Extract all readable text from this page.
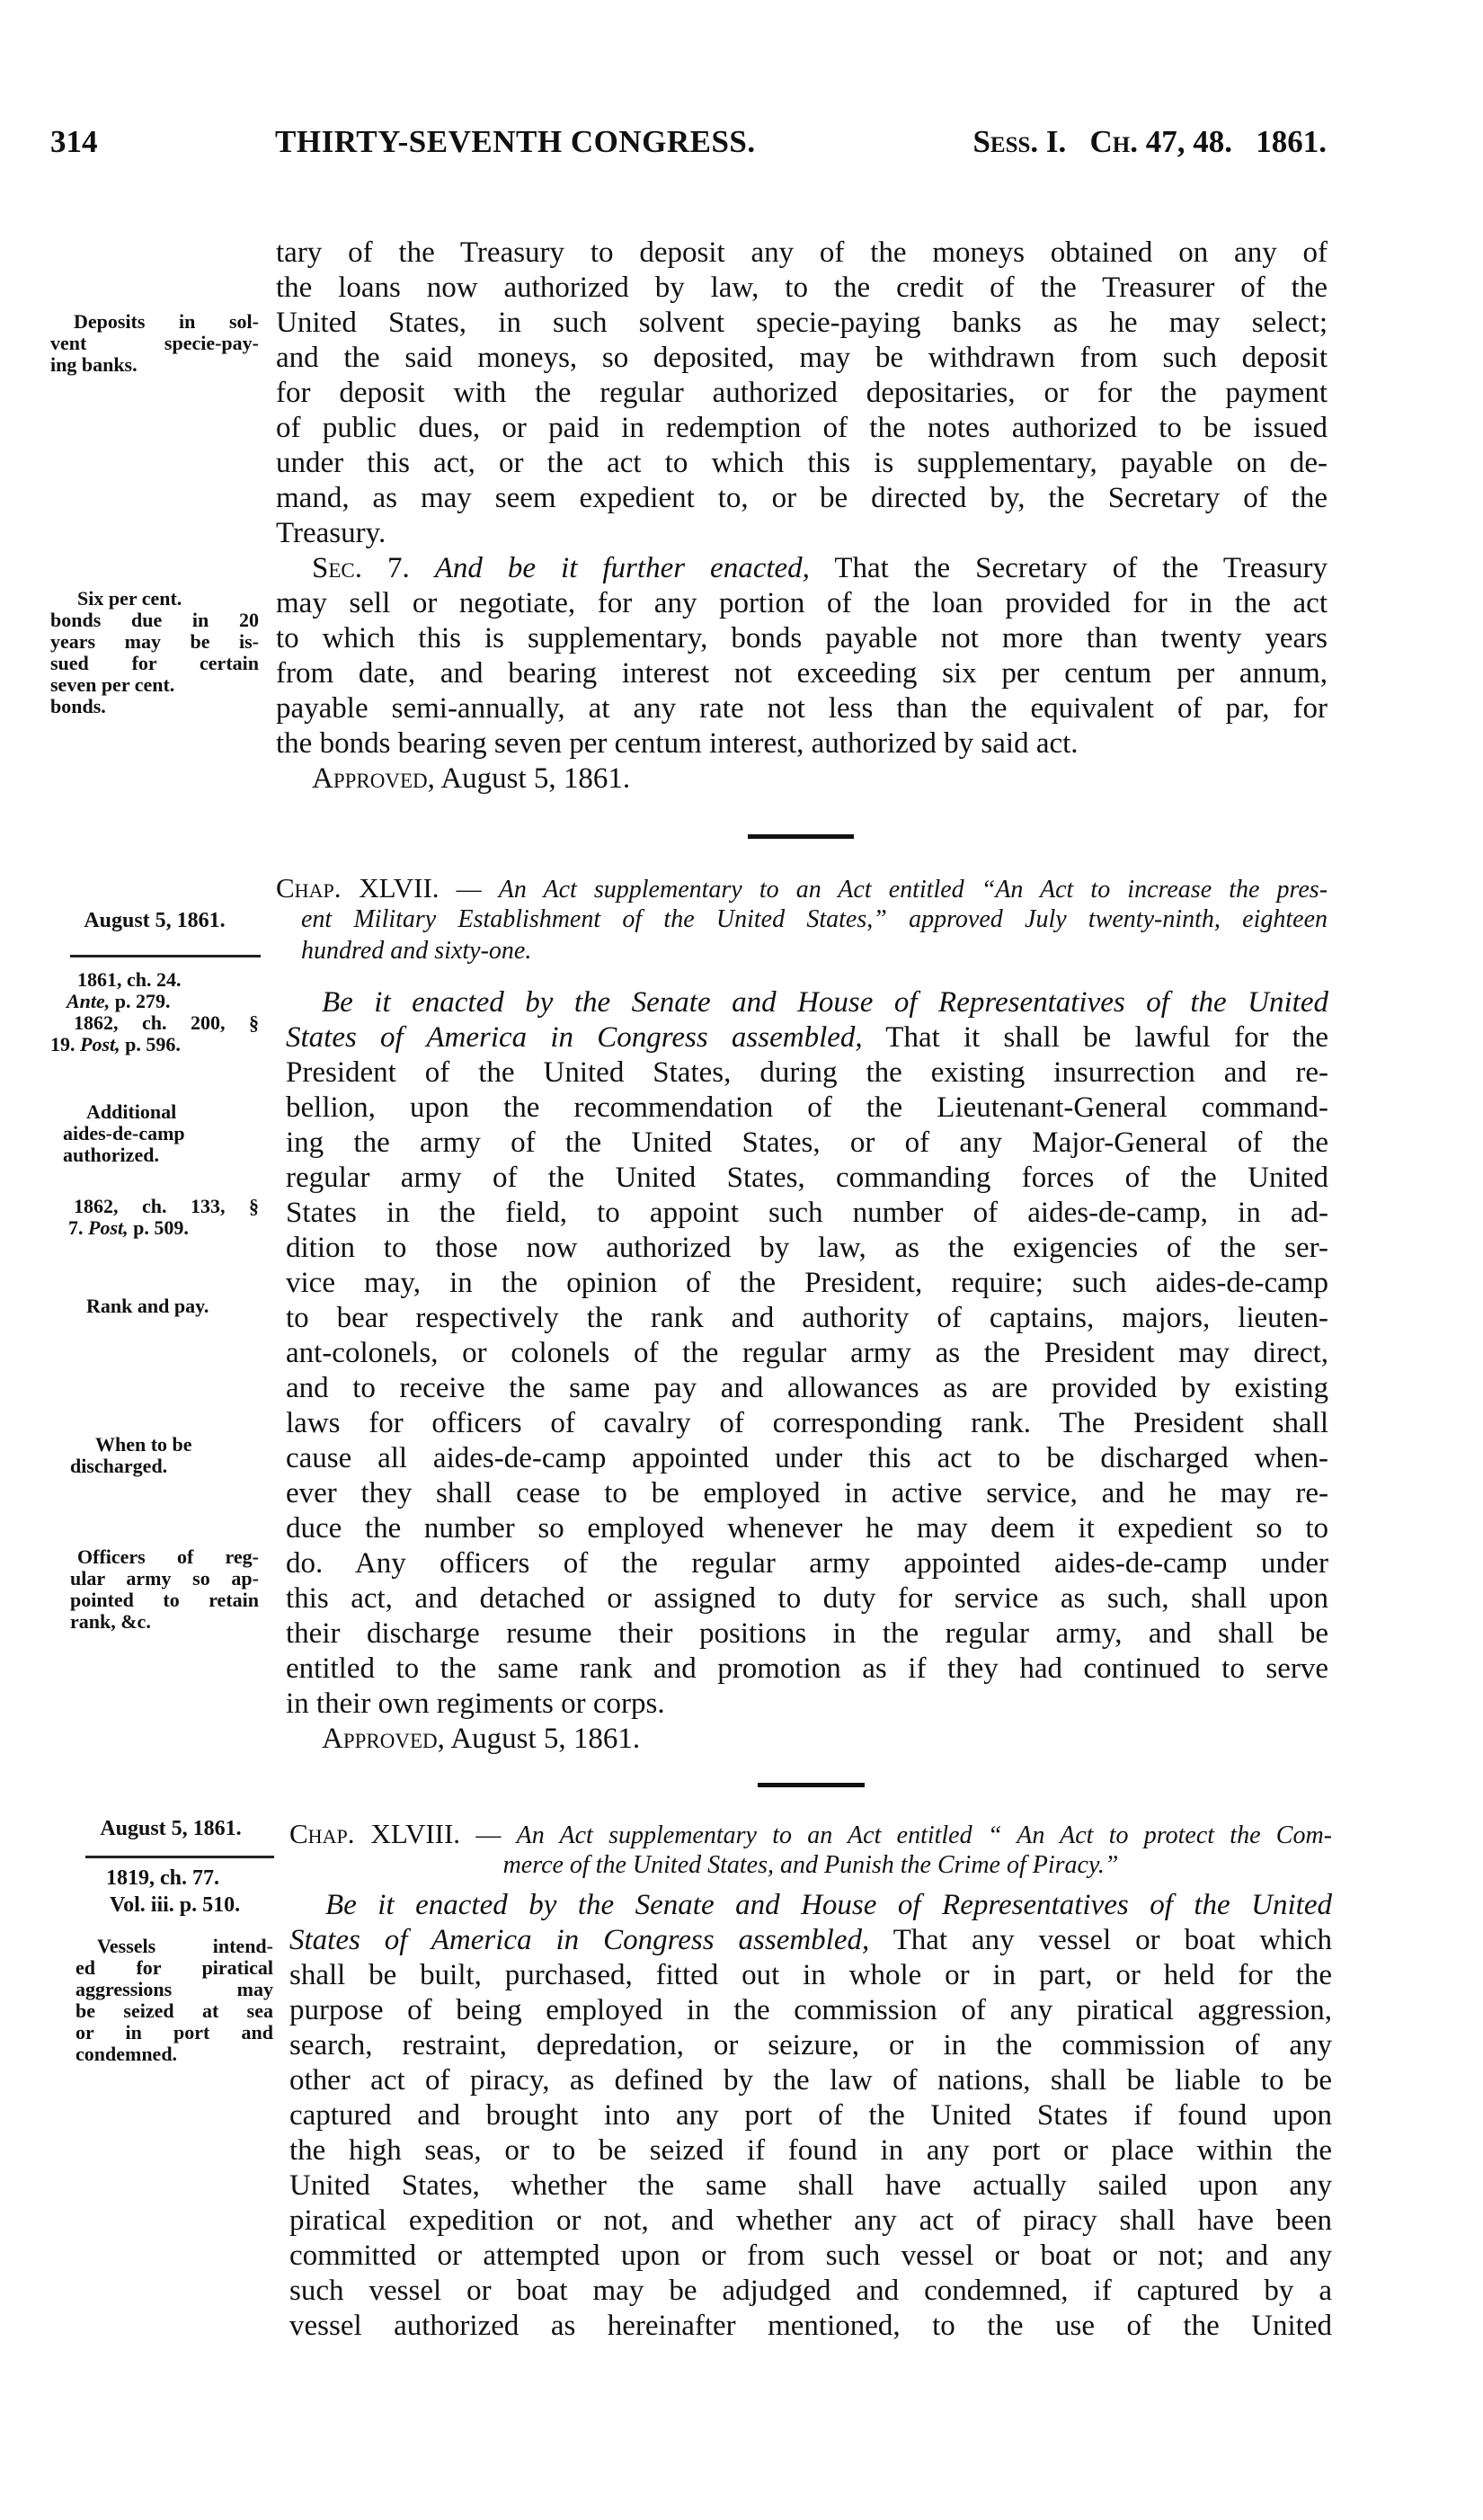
314	THIRTY-SEVENTH CONGRESS.	Sess. I. Ch. 47, 48. 1861.
tary of the Treasury to deposit any of the moneys obtained on any of
the loans now authorized by law, to the credit of the Treasurer of the
United States, in such solvent specie-paying banks as he may select;
and the said moneys, so deposited, may be withdrawn from such deposit
for deposit with the regular authorized depositaries, or for the payment
of public dues, or paid in redemption of the notes authorized to be issued
under this act, or the act to which this is supplementary, payable on de-
mand, as may seem expedient to, or be directed by, the Secretary of the
Treasury.
Deposits in sol-
vent specie-pay-
ing banks.
Sec. 7. And be it further enacted, That the Secretary of the Treasury
may sell or negotiate, for any portion of the loan provided for in the act
to which this is supplementary, bonds payable not more than twenty years
from date, and bearing interest not exceeding six per centum per annum,
payable semi-annually, at any rate not less than the equivalent of par, for
the bonds bearing seven per centum interest, authorized by said act.
Approved, August 5, 1861.
Six per cent.
bonds due in 20
years may be is-
sued for certain
seven per cent.
bonds.
Chap. XLVII. — An Act supplementary to an Act entitled “An Act to increase the pres-
ent Military Establishment of the United States,” approved July twenty-ninth, eighteen
hundred and sixty-one.
August 5, 1861.
1861, ch. 24.
Ante, p. 279.
1862, ch. 200, §
19. Post, p. 596.
Be it enacted by the Senate and House of Representatives of the United
States of America in Congress assembled, That it shall be lawful for the
President of the United States, during the existing insurrection and re-
bellion, upon the recommendation of the Lieutenant-General command-
ing the army of the United States, or of any Major-General of the
regular army of the United States, commanding forces of the United
States in the field, to appoint such number of aides-de-camp, in ad-
dition to those now authorized by law, as the exigencies of the ser-
vice may, in the opinion of the President, require; such aides-de-camp
to bear respectively the rank and authority of captains, majors, lieuten-
ant-colonels, or colonels of the regular army as the President may direct,
and to receive the same pay and allowances as are provided by existing
laws for officers of cavalry of corresponding rank. The President shall
cause all aides-de-camp appointed under this act to be discharged when-
ever they shall cease to be employed in active service, and he may re-
duce the number so employed whenever he may deem it expedient so to
do. Any officers of the regular army appointed aides-de-camp under
this act, and detached or assigned to duty for service as such, shall upon
their discharge resume their positions in the regular army, and shall be
entitled to the same rank and promotion as if they had continued to serve
in their own regiments or corps.
Approved, August 5, 1861.
Additional
aides-de-camp
authorized.
1862, ch. 133, §
7. Post, p. 509.
Rank and pay.
When to be
discharged.
Officers of reg-
ular army so ap-
pointed to retain
rank, &c.
Chap. XLVIII. — An Act supplementary to an Act entitled “ An Act to protect the Com-
merce of the United States, and Punish the Crime of Piracy.”
August 5, 1861.
1819, ch. 77.
Vol. iii. p. 510.	Be it enacted by the Senate and House of Representatives of the United
States of America in Congress assembled, That any vessel or boat which
shall be built, purchased, fitted out in whole or in part, or held for the
purpose of being employed in the commission of any piratical aggression,
search, restraint, depredation, or seizure, or in the commission of any
other act of piracy, as defined by the law of nations, shall be liable to be
captured and brought into any port of the United States if found upon
the high seas, or to be seized if found in any port or place within the
United States, whether the same shall have actually sailed upon any
piratical expedition or not, and whether any act of piracy shall have been
committed or attempted upon or from such vessel or boat or not; and any
such vessel or boat may be adjudged and condemned, if captured by a
vessel authorized as hereinafter mentioned, to the use of the United
Vessels intend-
ed for piratical
aggressions may
be seized at sea
or in port and
condemned.
